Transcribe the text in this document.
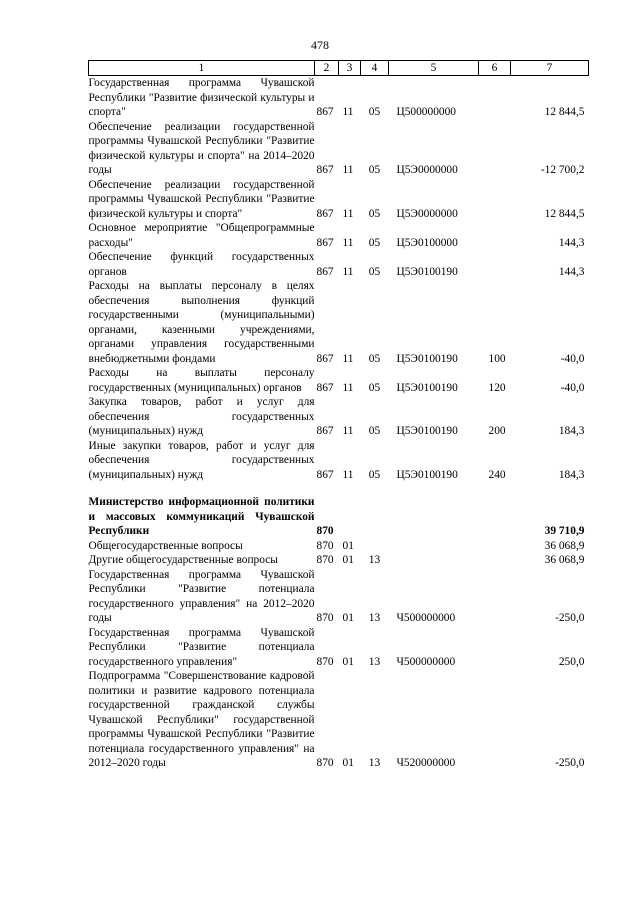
478
1	2	3	4	5	6	7
Государственная программа Чувашской Республики "Развитие физической культуры и спорта"	867	11	05	Ц500000000		12 844,5
Обеспечение реализации государственной программы Чувашской Республики "Развитие физической культуры и спорта" на 2014–2020 годы	867	11	05	Ц5Э0000000		-12 700,2
Обеспечение реализации государственной программы Чувашской Республики "Развитие физической культуры и спорта"	867	11	05	Ц5Э0000000		12 844,5
Основное мероприятие "Общепрограммные расходы"	867	11	05	Ц5Э0100000		144,3
Обеспечение функций государственных органов	867	11	05	Ц5Э0100190		144,3
Расходы на выплаты персоналу в целях обеспечения выполнения функций государственными (муниципальными) органами, казенными учреждениями, органами управления государственными внебюджетными фондами	867	11	05	Ц5Э0100190	100	-40,0
Расходы на выплаты персоналу государственных (муниципальных) органов	867	11	05	Ц5Э0100190	120	-40,0
Закупка товаров, работ и услуг для обеспечения государственных (муниципальных) нужд	867	11	05	Ц5Э0100190	200	184,3
Иные закупки товаров, работ и услуг для обеспечения государственных (муниципальных) нужд	867	11	05	Ц5Э0100190	240	184,3

Министерство информационной политики и массовых коммуникаций Чувашской Республики	870					39 710,9
Общегосударственные вопросы	870	01				36 068,9
Другие общегосударственные вопросы	870	01	13			36 068,9
Государственная программа Чувашской Республики "Развитие потенциала государственного управления" на 2012–2020 годы	870	01	13	Ч500000000		-250,0
Государственная программа Чувашской Республики "Развитие потенциала государственного управления"	870	01	13	Ч500000000		250,0
Подпрограмма "Совершенствование кадровой политики и развитие кадрового потенциала государственной гражданской службы Чувашской Республики" государственной программы Чувашской Республики "Развитие потенциала государственного управления" на 2012–2020 годы	870	01	13	Ч520000000		-250,0
